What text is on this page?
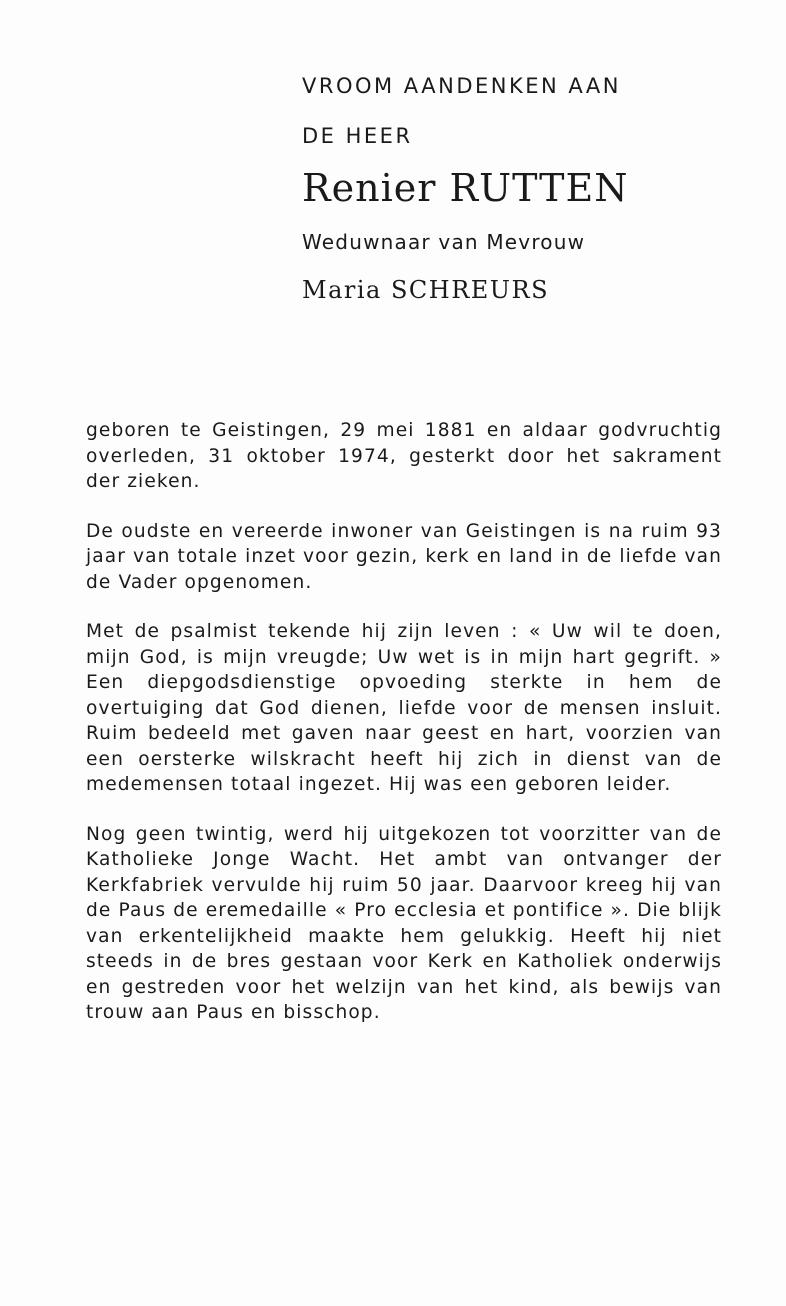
VROOM AANDENKEN AAN

DE HEER

Renier RUTTEN
Weduwnaar van Mevrouw
Maria SCHREURS

geboren te Geistingen, 29 mei 1881 en aldaar godvruchtig overleden, 31 oktober 1974, gesterkt door het sakrament der zieken.

De oudste en vereerde inwoner van Geistingen is na ruim 93 jaar van totale inzet voor gezin, kerk en land in de liefde van de Vader opgenomen.

Met de psalmist tekende hij zijn leven : « Uw wil te doen, mijn God, is mijn vreugde; Uw wet is in mijn hart gegrift. » Een diepgodsdienstige opvoeding sterkte in hem de overtuiging dat God dienen, liefde voor de mensen insluit. Ruim bedeeld met gaven naar geest en hart, voorzien van een oersterke wilskracht heeft hij zich in dienst van de medemensen totaal ingezet. Hij was een geboren leider.

Nog geen twintig, werd hij uitgekozen tot voorzitter van de Katholieke Jonge Wacht. Het ambt van ontvanger der Kerkfabriek vervulde hij ruim 50 jaar. Daarvoor kreeg hij van de Paus de eremedaille « Pro ecclesia et pontifice ». Die blijk van erkentelijkheid maakte hem gelukkig. Heeft hij niet steeds in de bres gestaan voor Kerk en Katholiek onderwijs en gestreden voor het welzijn van het kind, als bewijs van trouw aan Paus en bisschop.
